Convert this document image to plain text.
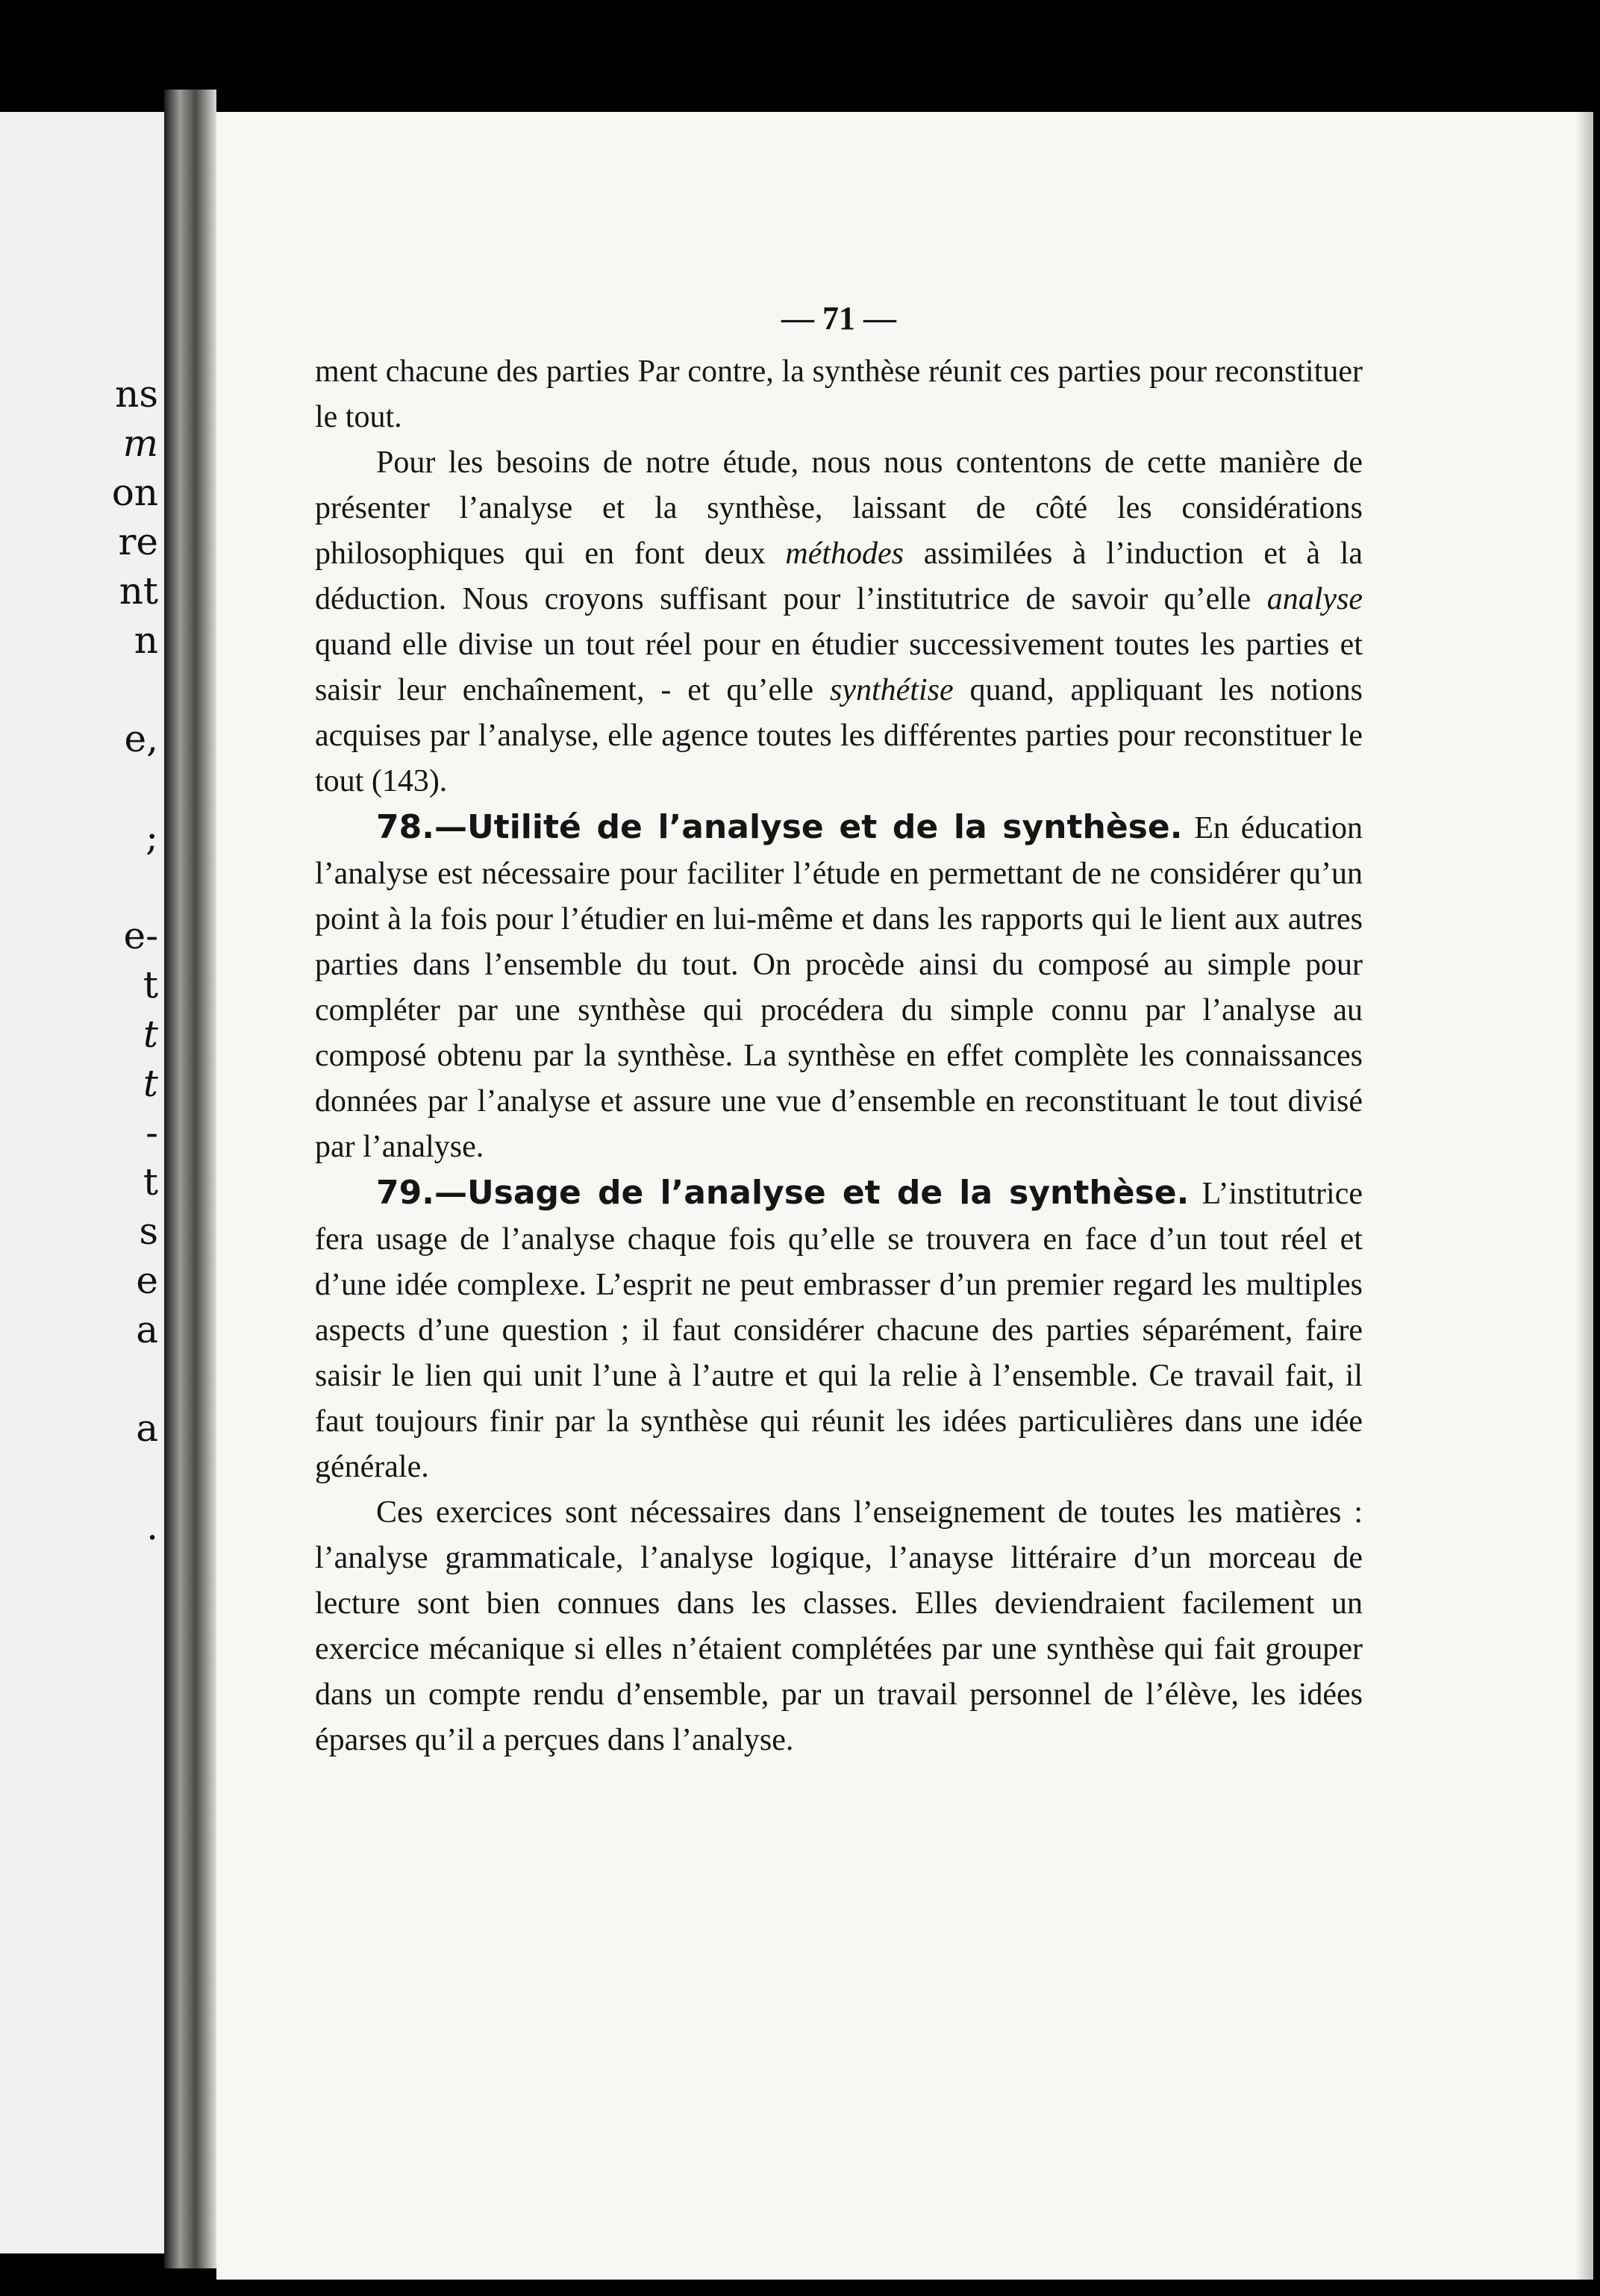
ns
m
on
re
nt
n
e,
;
e-
t
t
t
-
t
s
e
a
a
.
— 71 —

ment chacune des parties Par contre, la synthèse réunit ces parties pour reconstituer le tout.

Pour les besoins de notre étude, nous nous contentons de cette manière de présenter l’analyse et la synthèse, laissant de côté les considérations philosophiques qui en font deux méthodes assimilées à l’induction et à la déduction. Nous croyons suffisant pour l’institutrice de savoir qu’elle analyse quand elle divise un tout réel pour en étudier successivement toutes les parties et saisir leur enchaînement, - et qu’elle synthétise quand, appliquant les notions acquises par l’analyse, elle agence toutes les différentes parties pour reconstituer le tout (143).

78.—Utilité de l’analyse et de la synthèse. En éducation l’analyse est nécessaire pour faciliter l’étude en permettant de ne considérer qu’un point à la fois pour l’étudier en lui-même et dans les rapports qui le lient aux autres parties dans l’ensemble du tout. On procède ainsi du composé au simple pour compléter par une synthèse qui procédera du simple connu par l’analyse au composé obtenu par la synthèse. La synthèse en effet complète les connaissances données par l’analyse et assure une vue d’ensemble en reconstituant le tout divisé par l’analyse.

79.—Usage de l’analyse et de la synthèse. L’institutrice fera usage de l’analyse chaque fois qu’elle se trouvera en face d’un tout réel et d’une idée complexe. L’esprit ne peut embrasser d’un premier regard les multiples aspects d’une question ; il faut considérer chacune des parties séparément, faire saisir le lien qui unit l’une à l’autre et qui la relie à l’ensemble. Ce travail fait, il faut toujours finir par la synthèse qui réunit les idées particulières dans une idée générale.

Ces exercices sont nécessaires dans l’enseignement de toutes les matières : l’analyse grammaticale, l’analyse logique, l’anayse littéraire d’un morceau de lecture sont bien connues dans les classes. Elles deviendraient facilement un exercice mécanique si elles n’étaient complétées par une synthèse qui fait grouper dans un compte rendu d’ensemble, par un travail personnel de l’élève, les idées éparses qu’il a perçues dans l’analyse.
